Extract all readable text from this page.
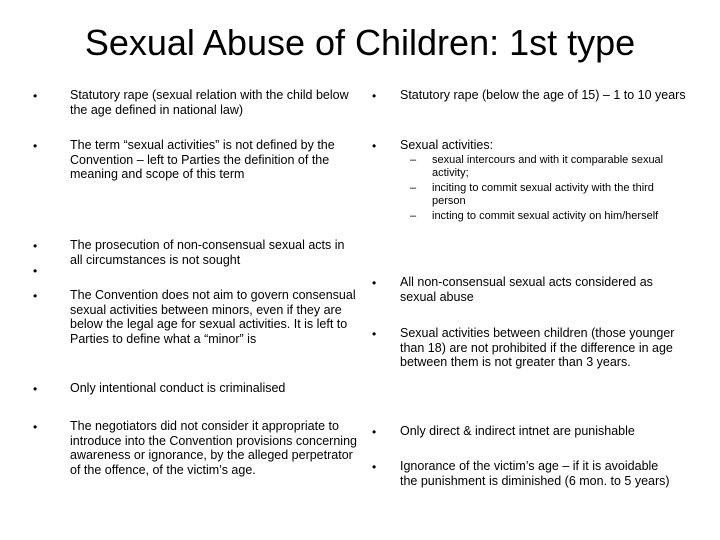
Sexual Abuse of Children: 1st type
•	Statutory rape (sexual relation with the child below the age defined in national law)
•	The term “sexual activities” is not defined by the Convention – left to Parties the definition of the meaning and scope of this term
•	The prosecution of non-consensual sexual acts in all circumstances is not sought
•
•	The Convention does not aim to govern consensual sexual activities between minors, even if they are below the legal age for sexual activities. It is left to Parties to define what a “minor” is
•	Only intentional conduct is criminalised
•	The negotiators did not consider it appropriate to introduce into the Convention provisions concerning awareness or ignorance, by the alleged perpetrator of the offence, of the victim’s age.
• Statutory rape (below the age of 15) – 1 to 10 years
• Sexual activities:
– sexual intercours and with it comparable sexual activity;
– inciting to commit sexual activity with the third person
– incting to commit sexual activity on him/herself
• All non-consensual sexual acts considered as sexual abuse
• Sexual activities between children (those younger than 18) are not prohibited if the difference in age between them is not greater than 3 years.
• Only direct & indirect intnet are punishable
• Ignorance of the victim’s age – if it is avoidable the punishment is diminished (6 mon. to 5 years)
